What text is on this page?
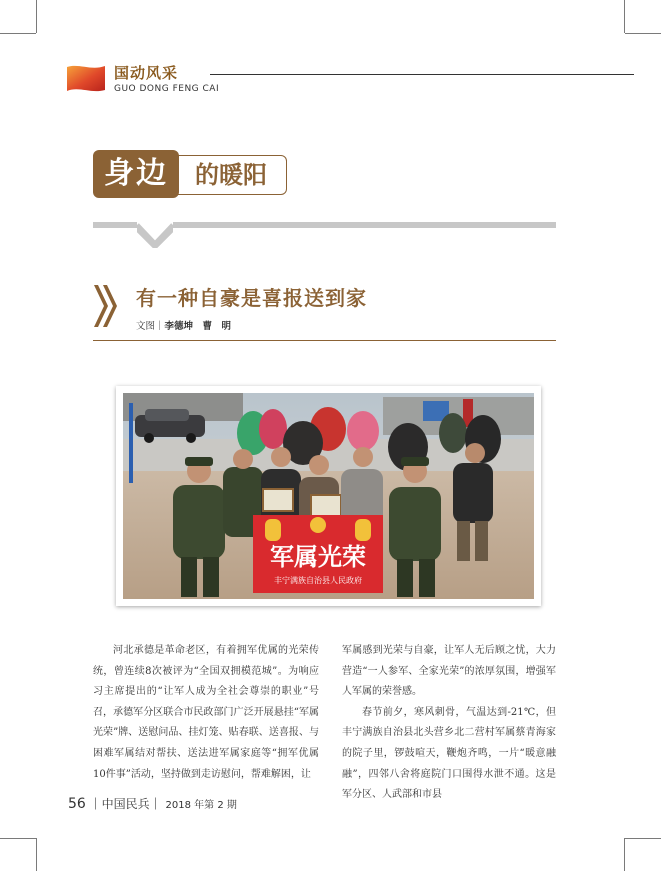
国动风采
GUO DONG FENG CAI
的暖阳
身边
有一种自豪是喜报送到家
文图｜李德坤　曹　明
军属光荣
丰宁满族自治县人民政府

河北承德是革命老区，有着拥军优属的光荣传统，曾连续8次被评为“全国双拥模范城”。为响应习主席提出的“让军人成为全社会尊崇的职业”号召，承德军分区联合市民政部门广泛开展悬挂“军属光荣”牌、送慰问品、挂灯笼、贴春联、送喜报、与困难军属结对帮扶、送法进军属家庭等“拥军优属10件事”活动，坚持做到走访慰问，帮难解困，让

军属感到光荣与自豪，让军人无后顾之忧，大力营造“一人参军、全家光荣”的浓厚氛围，增强军人军属的荣誉感。

春节前夕，寒风刺骨，气温达到-21℃，但丰宁满族自治县北头营乡北二营村军属蔡青海家的院子里，锣鼓喧天，鞭炮齐鸣，一片“暖意融融”，四邻八舍将庭院门口围得水泄不通。这是军分区、人武部和市县

56 ｜中国民兵｜ 2018 年第 2 期
